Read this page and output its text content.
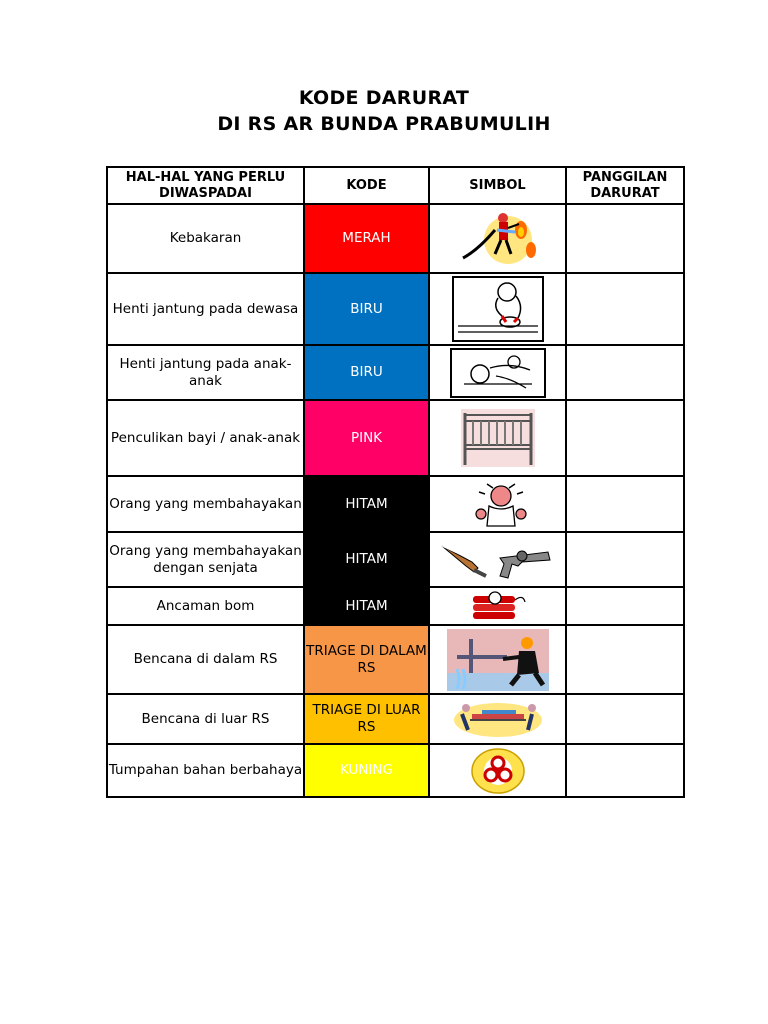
KODE DARURAT
DI RS AR BUNDA PRABUMULIH
HAL-HAL YANG PERLU DIWASPADAI	KODE	SIMBOL	PANGGILAN DARURAT
Kebakaran	MERAH	

Henti jantung pada dewasa	BIRU	

Henti jantung pada anak-anak	BIRU	

Penculikan bayi / anak-anak	PINK	

Orang yang membahayakan	HITAM	

Orang yang membahayakan dengan senjata	HITAM	

Ancaman bom	HITAM	

Bencana di dalam RS	TRIAGE DI DALAM RS	

Bencana di luar RS	TRIAGE DI LUAR RS	

Tumpahan bahan berbahaya	KUNING	
